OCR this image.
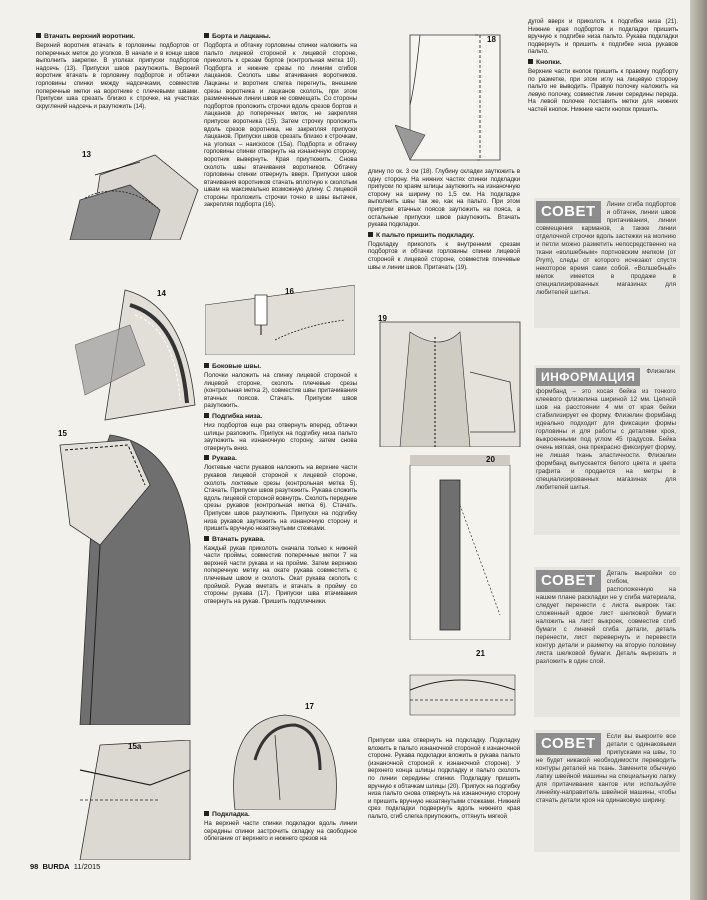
Втачать верхний воротник.

Верхний воротник втачать в горловины подбортов от поперечных меток до уголков. В начале и в конце швов выполнить закрепки. В уголках припуски подбортов надсечь (13). Припуски швов разутюжить. Верхний воротник втачать в горловину подбортов и обтачки горловины спинки между надсечками, совместив поперечные метки на воротнике с плечевыми швами. Припуски шва срезать близко к строчке, на участках скруглений надсечь и разутюжить (14).

Борта и лацканы.

Подборта и обтачку горловины спинки наложить на пальто лицевой стороной к лицевой стороне, приколоть к срезам бортов (контрольная метка 10). Подборта и нижние срезы по линиям сгибов лацканов. Сколоть швы втачивания воротников. Лацканы и воротник слегка перегнуть, внешние срезы воротника и лацканов сколоть, при этом размеченные линии швов не совмещать. Со стороны подбортов проложить строчки вдоль срезов бортов и лацканов до поперечных меток, не закрепляя припуски воротника (15). Затем строчку проложить вдоль срезов воротника, не закрепляя припуски лацканов. Припуски швов срезать близко к строчкам, на уголках – наискосок (15а). Подборта и обтачку горловины спинки отвернуть на изнаночную сторону, воротник вывернуть. Края приутюжить. Снова сколоть швы втачивания воротников. Обтачку горловины спинки отвернуть вверх. Припуски швов втачивания воротников стачать вплотную к сколотым швам на максимально возможную длину. С лицевой стороны проложить строчки точно в швы вытачек, закрепляя подборта (16).

Боковые швы.

Полочки наложить на спинку лицевой стороной к лицевой стороне, сколоть плечевые срезы (контрольная метка 2), совместив швы притачивания втачных поясов. Стачать. Припуски швов разутюжить.

Подгибка низа.

Низ подбортов еще раз отвернуть вперед, обтачки шлицы разложить. Припуск на подгибку низа пальто заутюжить на изнаночную сторону, затем снова отвернуть вниз.

Рукава.

Локтевые части рукавов наложить на верхние части рукавов лицевой стороной к лицевой стороне, сколоть локтевые срезы (контрольная метка 5). Стачать. Припуски швов разутюжить. Рукава сложить вдоль лицевой стороной вовнутрь. Сколоть передние срезы рукавов (контрольная метка 6). Стачать. Припуски швов разутюжить. Припуски на подгибку низа рукавов заутюжить на изнаночную сторону и пришить вручную незатянутыми стежками.

Втачать рукава.

Каждый рукав приколоть сначала только к нижней части проймы, совместив поперечные метки 7 на верхней части рукава и на пройме. Затем верхнюю поперечную метку на окате рукава совместить с плечевым швом и сколоть. Окат рукава сколоть с проймой. Рукав вметать и втачать в пройму со стороны рукава (17). Припуски шва втачивания отвернуть на рукав. Пришить подплечники.

Подкладка.

На верхней части спинки подкладки вдоль линии середины спинки застрочить складку на свободное облегание от верхнего и нижнего срезов на

длину по ок. 3 см (18). Глубину складки заутюжить в одну сторону. На нижних частях спинки подкладки припуски по краям шлицы заутюжить на изнаночную сторону на ширину по 1,5 см. На подкладке выполнить швы так же, как на пальто. При этом припуски втачных поясов заутюжить на пояса, а остальные припуски швов разутюжить. Втачать рукава подкладки.

К пальто пришить подкладку.

Подкладку приколоть к внутренним срезам подбортов и обтачки горловины спинки лицевой стороной к лицевой стороне, совместив плечевые швы и линии швов. Притачать (19).

Припуски шва отвернуть на подкладку. Подкладку вложить в пальто изнаночной стороной к изнаночной стороне. Рукава подкладки вложить в рукава пальто (изнаночной стороной к изнаночной стороне). У верхнего конца шлицы подкладку и пальто сколоть по линии середины спинки. Подкладку пришить вручную к обтачкам шлицы (20). Припуск на подгибку низа пальто снова отвернуть на изнаночную сторону и пришить вручную незатянутыми стежками. Нижний срез подкладки подвернуть вдоль нижнего края пальто, сгиб слегка приутюжить, оттянуть мягкой

дугой вверх и приколоть к подгибке низа (21). Нижние края подбортов и подкладки пришить вручную к подгибке низа пальто. Рукава подкладки подвернуть и пришить к подгибке низа рукавов пальто.

Кнопки.

Верхние части кнопок пришить к правому подборту по разметке, при этом иглу на лицевую сторону пальто не выводить. Правую полочку наложить на левую полочку, совместив линии середины переда. На левой полочке поставить метки для нижних частей кнопок. Нижние части кнопок пришить.

СОВЕТ	Линии сгиба подбортов и обтачек, линии швов притачивания, линии совмещения карманов, а также линии отделочной строчки вдоль застежки на молнию и петли можно разметить непосредственно на ткани «волшебным» портновским мелком (от Prym), следы от которого исчезают спустя некоторое время сами собой. «Волшебный» мелок имеется в продаже в специализированных магазинах для любителей шитья.

ИНФОРМАЦИЯ	Флизелин формбанд – это косая бейка из тонкого клеевого флизелина шириной 12 мм. Цепной шов на расстоянии 4 мм от края бейки стабилизирует ее форму. Флизелин формбанд идеально подходит для фиксации формы горловины и для работы с деталями кроя, выкроенными под углом 45 градусов. Бейка очень мягкая, она прекрасно фиксирует форму, не лишая ткань эластичности. Флизелин формбанд выпускается белого цвета и цвета графита и продается на метры в специализированных магазинах для любителей шитья.

СОВЕТ	Деталь выкройки со сгибом, расположенную на нашем плане раскладки не у сгиба материала, следует перенести с листа выкроек так: сложенный вдвое лист шелковой бумаги наложить на лист выкроек, совместив сгиб бумаги с линией сгиба детали, деталь перенести, лист перевернуть и перевести контур детали и разметку на вторую половину листа шелковой бумаги. Деталь вырезать и разложить в один слой.

СОВЕТ	Если вы выкроите все детали с одинаковыми припусками на швы, то не будет никакой необходимости переводить контуры деталей на ткань. Замените обычную лапку швейной машины на специальную лапку для притачивания кантов или используйте линейку-направитель швейной машины, чтобы стачать детали кроя на одинаковую ширину.

13
14
15
15a
16
17
18
19
20
21
98 BURDA 11/2015
